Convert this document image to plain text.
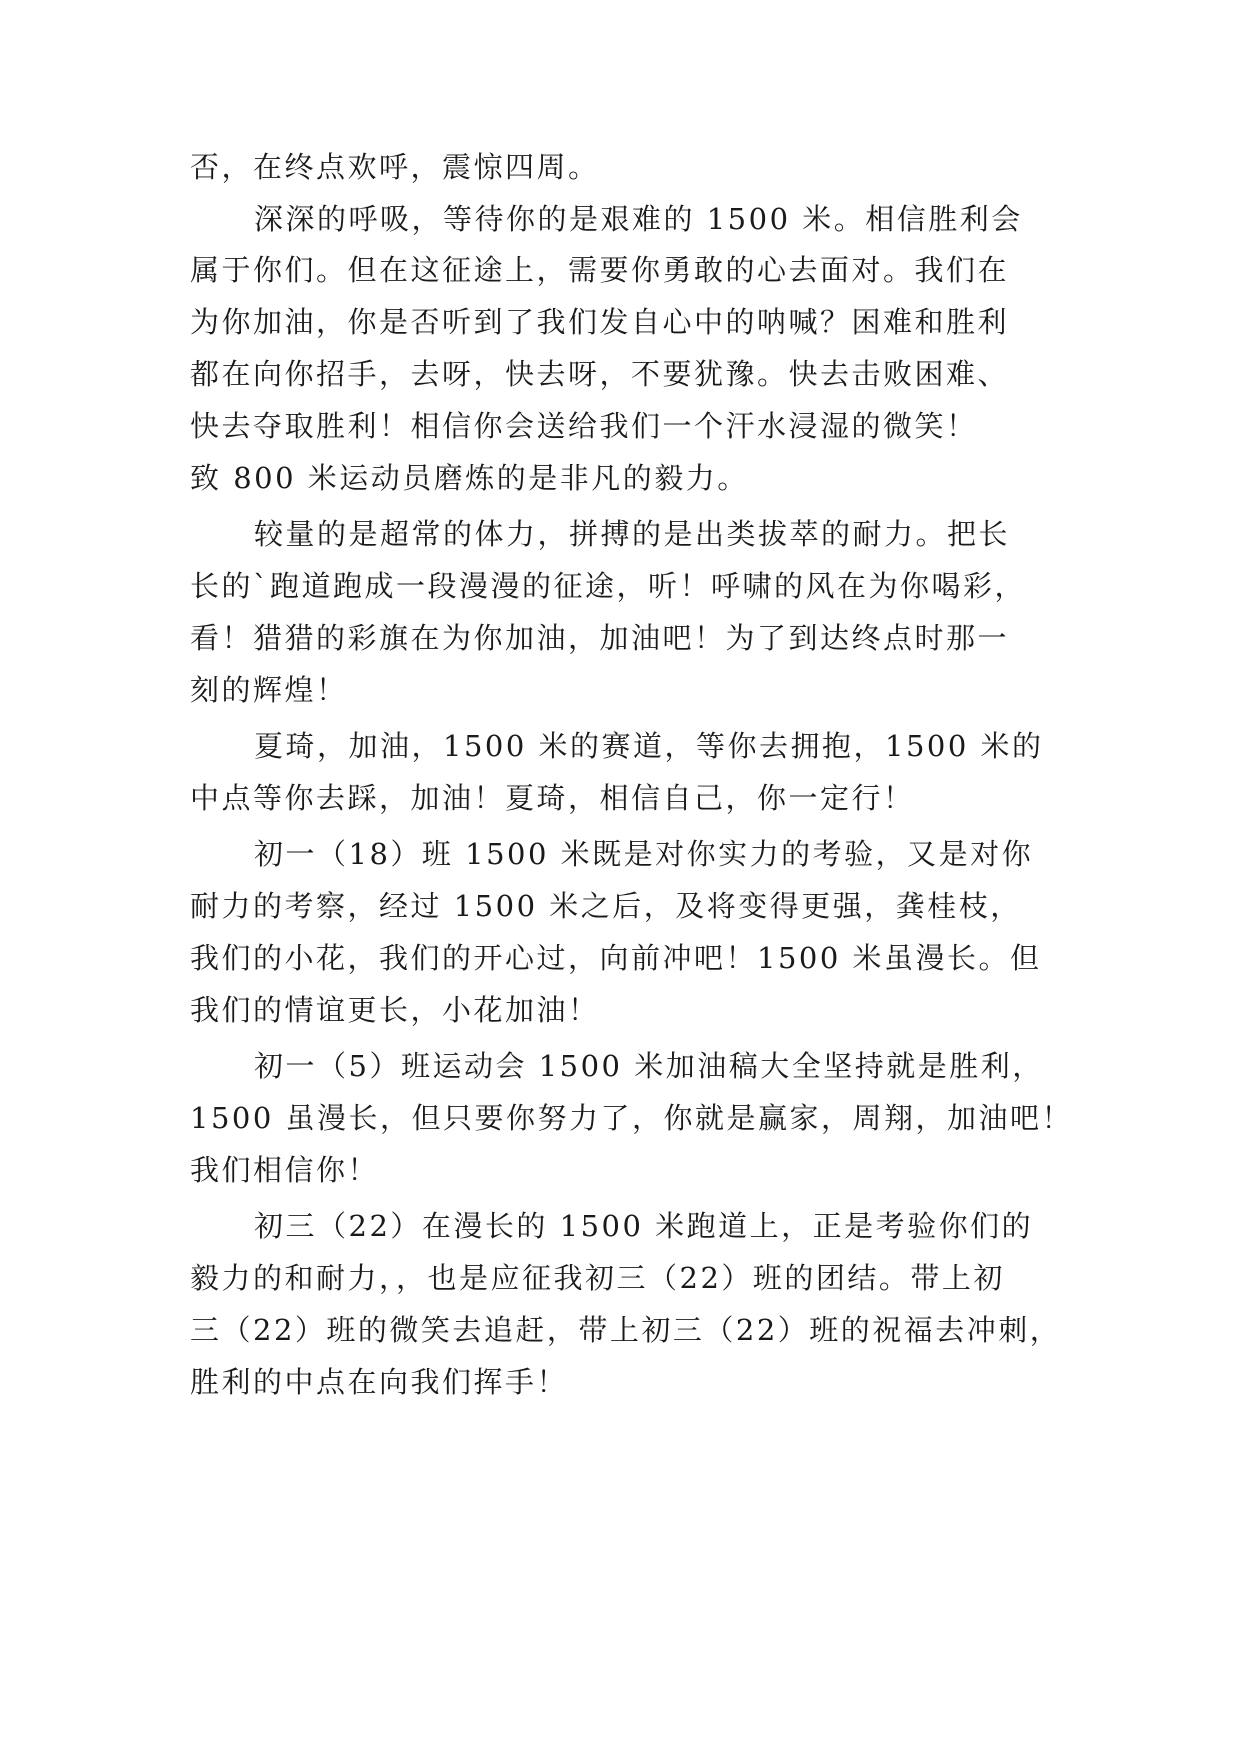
否，在终点欢呼，震惊四周。
深深的呼吸，等待你的是艰难的 1500 米。相信胜利会
属于你们。但在这征途上，需要你勇敢的心去面对。我们在
为你加油，你是否听到了我们发自心中的呐喊？困难和胜利
都在向你招手，去呀，快去呀，不要犹豫。快去击败困难、
快去夺取胜利！相信你会送给我们一个汗水浸湿的微笑！
致 800 米运动员磨炼的是非凡的毅力。
较量的是超常的体力，拼搏的是出类拔萃的耐力。把长
长的`跑道跑成一段漫漫的征途，听！呼啸的风在为你喝彩，
看！猎猎的彩旗在为你加油，加油吧！为了到达终点时那一
刻的辉煌！
夏琦，加油，1500 米的赛道，等你去拥抱，1500 米的
中点等你去踩，加油！夏琦，相信自己，你一定行！
初一（18）班 1500 米既是对你实力的考验，又是对你
耐力的考察，经过 1500 米之后，及将变得更强，龚桂枝，
我们的小花，我们的开心过，向前冲吧！1500 米虽漫长。但
我们的情谊更长，小花加油！
初一（5）班运动会 1500 米加油稿大全坚持就是胜利，
1500 虽漫长，但只要你努力了，你就是赢家，周翔，加油吧！
我们相信你！
初三（22）在漫长的 1500 米跑道上，正是考验你们的
毅力的和耐力，，也是应征我初三（22）班的团结。带上初
三（22）班的微笑去追赶，带上初三（22）班的祝福去冲刺，
胜利的中点在向我们挥手！
